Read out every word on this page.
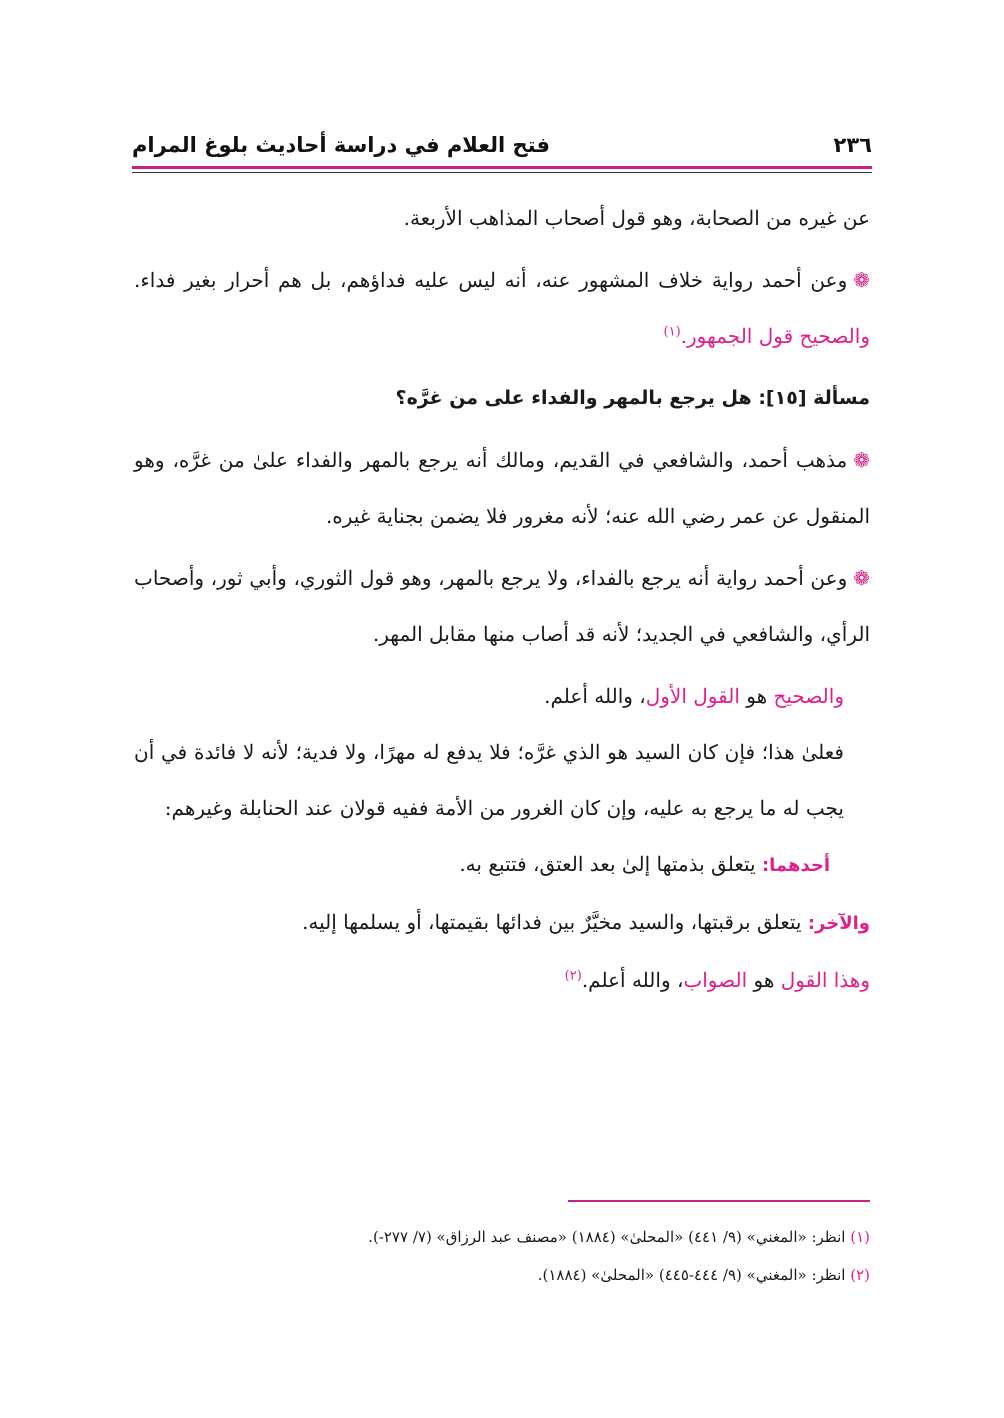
٢٣٦
فتح العلام في دراسة أحاديث بلوغ المرام

عن غيره من الصحابة، وهو قول أصحاب المذاهب الأربعة.

❁وعن أحمد رواية خلاف المشهور عنه، أنه ليس عليه فداؤهم، بل هم أحرار بغير فداء. والصحيح قول الجمهور.$^{(١)}$

مسألة [١٥]: هل يرجع بالمهر والفداء على من غرَّه؟

❁مذهب أحمد، والشافعي في القديم، ومالك أنه يرجع بالمهر والفداء علىٰ من غرَّه، وهو المنقول عن عمر رضي الله عنه؛ لأنه مغرور فلا يضمن بجناية غيره.

❁وعن أحمد رواية أنه يرجع بالفداء، ولا يرجع بالمهر، وهو قول الثوري، وأبي ثور، وأصحاب الرأي، والشافعي في الجديد؛ لأنه قد أصاب منها مقابل المهر.

والصحيح هو القول الأول، والله أعلم.

فعلىٰ هذا؛ فإن كان السيد هو الذي غرَّه؛ فلا يدفع له مهرًا، ولا فدية؛ لأنه لا فائدة في أن يجب له ما يرجع به عليه، وإن كان الغرور من الأمة ففيه قولان عند الحنابلة وغيرهم:

أحدهما: يتعلق بذمتها إلىٰ بعد العتق، فتتبع به.

والآخر: يتعلق برقبتها، والسيد مخيَّرٌ بين فدائها بقيمتها، أو يسلمها إليه.

وهذا القول هو الصواب، والله أعلم.$^{(٢)}$

(١) انظر: «المغني» (٩/ ٤٤١) «المحلىٰ» (١٨٨٤) «مصنف عبد الرزاق» (٧/ ٢٧٧-).

(٢) انظر: «المغني» (٩/ ٤٤٤-٤٤٥) «المحلىٰ» (١٨٨٤).
